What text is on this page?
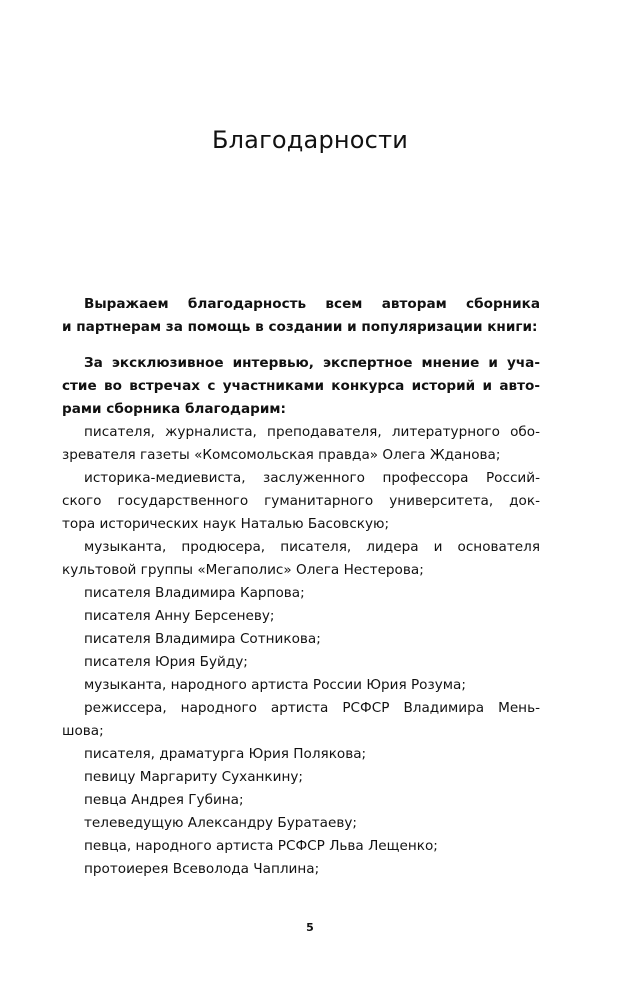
Благодарности
Выражаем благодарность всем авторам сборника
и партнерам за помощь в создании и популяризации книги:
За эксклюзивное интервью, экспертное мнение и уча-
стие во встречах с участниками конкурса историй и авто-
рами сборника благодарим:
писателя, журналиста, преподавателя, литературного обо-
зревателя газеты «Комсомольская правда» Олега Жданова;
историка-медиевиста, заслуженного профессора Россий-
ского государственного гуманитарного университета, док-
тора исторических наук Наталью Басовскую;
музыканта, продюсера, писателя, лидера и основателя
культовой группы «Мегаполис» Олега Нестерова;
писателя Владимира Карпова;
писателя Анну Берсеневу;
писателя Владимира Сотникова;
писателя Юрия Буйду;
музыканта, народного артиста России Юрия Розума;
режиссера, народного артиста РСФСР Владимира Мень-
шова;
писателя, драматурга Юрия Полякова;
певицу Маргариту Суханкину;
певца Андрея Губина;
телеведущую Александру Буратаеву;
певца, народного артиста РСФСР Льва Лещенко;
протоиерея Всеволода Чаплина;
5
